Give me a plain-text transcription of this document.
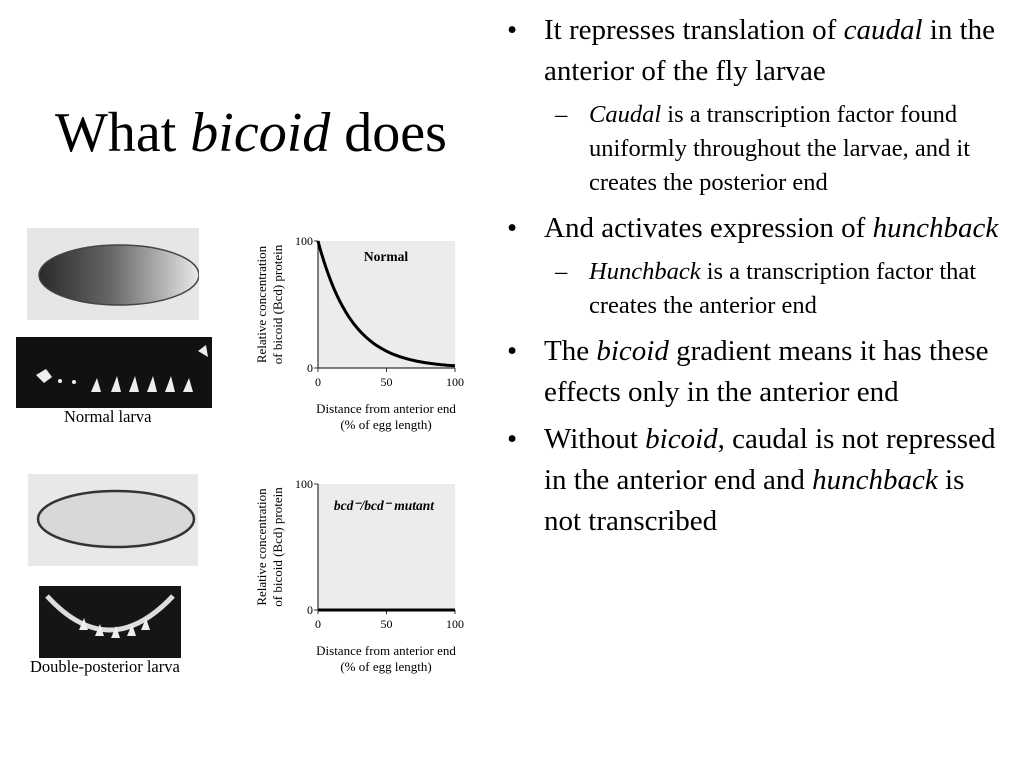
What bicoid does
• It represses translation of caudal in the anterior of the fly larvae
– Caudal is a transcription factor found uniformly throughout the larvae, and it creates the posterior end
• And activates expression of hunchback
– Hunchback is a transcription factor that creates the anterior end
• The bicoid gradient means it has these effects only in the anterior end
• Without bicoid, caudal is not repressed in the anterior end and hunchback is not transcribed
Normal larva
Double-posterior larva
0
100
0	50	100
Normal
Distance from anterior end
(% of egg length)
Relative concentration of bicoid (Bcd) protein
0
100
0	50	100
bcd⁻/bcd⁻ mutant
Distance from anterior end
(% of egg length)
Relative concentration of bicoid (Bcd) protein
